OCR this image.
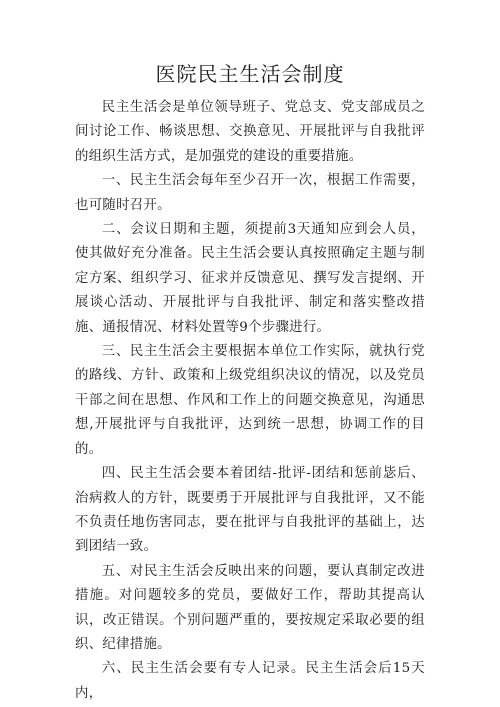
医院民主生活会制度

民主生活会是单位领导班子、党总支、党支部成员之间讨论工作、畅谈思想、交换意见、开展批评与自我批评的组织生活方式，是加强党的建设的重要措施。

一、民主生活会每年至少召开一次，根据工作需要，也可随时召开。

二、会议日期和主题，须提前3天通知应到会人员，使其做好充分准备。民主生活会要认真按照确定主题与制定方案、组织学习、征求并反馈意见、撰写发言提纲、开展谈心活动、开展批评与自我批评、制定和落实整改措施、通报情况、材料处置等9个步骤进行。

三、民主生活会主要根据本单位工作实际，就执行党的路线、方针、政策和上级党组织决议的情况，以及党员干部之间在思想、作风和工作上的问题交换意见，沟通思想,开展批评与自我批评，达到统一思想，协调工作的目的。

四、民主生活会要本着团结-批评-团结和惩前毖后、治病救人的方针，既要勇于开展批评与自我批评，又不能不负责任地伤害同志，要在批评与自我批评的基础上，达到团结一致。

五、对民主生活会反映出来的问题，要认真制定改进措施。对问题较多的党员，要做好工作，帮助其提高认识，改正错误。个别问题严重的，要按规定采取必要的组织、纪律措施。

六、民主生活会要有专人记录。民主生活会后15天内，
